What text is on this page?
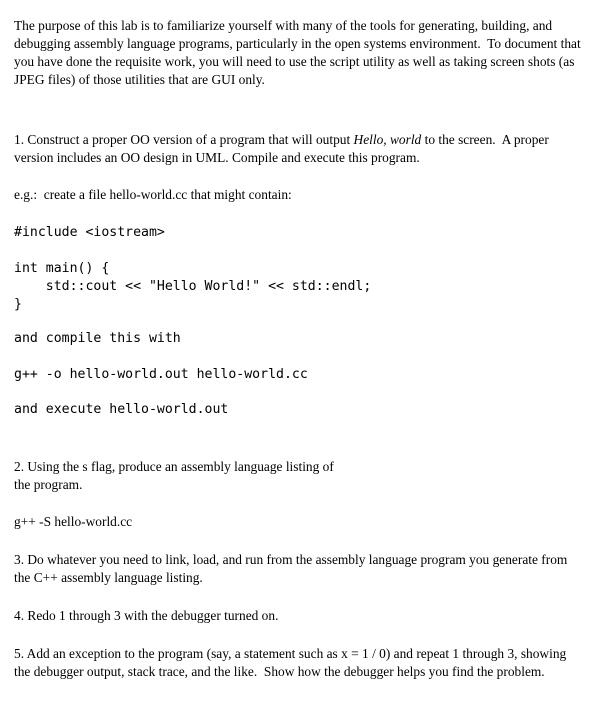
The purpose of this lab is to familiarize yourself with many of the tools for generating, building, and debugging assembly language programs, particularly in the open systems environment.  To document that you have done the requisite work, you will need to use the script utility as well as taking screen shots (as JPEG files) of those utilities that are GUI only.

1. Construct a proper OO version of a program that will output Hello, world to the screen.  A proper version includes an OO design in UML. Compile and execute this program.

e.g.:  create a file hello-world.cc that might contain:

#include <iostream>
int main() {
std::cout << "Hello World!" << std::endl;
}
and compile this with
g++ -o hello-world.out hello-world.cc
and execute hello-world.out

2. Using the s flag, produce an assembly language listing of

the program.

g++ -S hello-world.cc

3. Do whatever you need to link, load, and run from the assembly language program you generate from the C++ assembly language listing.

4. Redo 1 through 3 with the debugger turned on.

5. Add an exception to the program (say, a statement such as x = 1 / 0) and repeat 1 through 3, showing the debugger output, stack trace, and the like.  Show how the debugger helps you find the problem.
